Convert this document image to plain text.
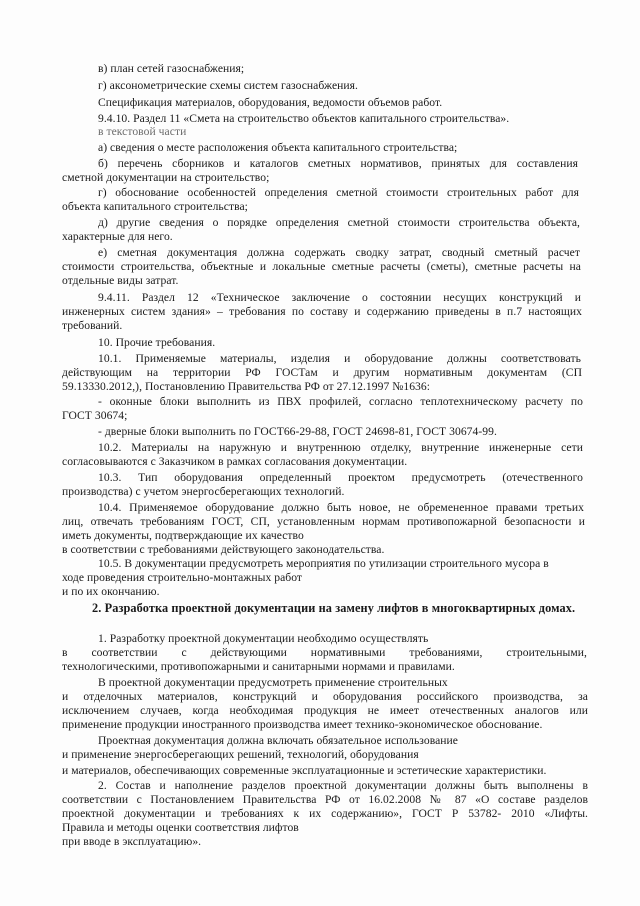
в) план сетей газоснабжения;
г) аксонометрические схемы систем газоснабжения.
Спецификация материалов, оборудования, ведомости объемов работ.
9.4.10. Раздел 11 «Смета на строительство объектов капитального строительства».
в текстовой части
а) сведения о месте расположения объекта капитального строительства;
б) перечень сборников и каталогов сметных нормативов, принятых для составления
сметной документации на строительство;
г) обоснование особенностей определения сметной стоимости строительных работ для
объекта капитального строительства;
д) другие сведения о порядке определения сметной стоимости строительства объекта,
характерные для него.
е) сметная документация должна содержать сводку затрат, сводный сметный расчет
стоимости строительства, объектные и локальные сметные расчеты (сметы), сметные расчеты на
отдельные виды затрат.
9.4.11. Раздел 12 «Техническое заключение о состоянии несущих конструкций и
инженерных систем здания» – требования по составу и содержанию приведены в п.7 настоящих
требований.
10. Прочие требования.
10.1. Применяемые материалы, изделия и оборудование должны соответствовать
действующим на территории РФ ГОСТам и другим нормативным документам (СП
59.13330.2012,), Постановлению Правительства РФ от 27.12.1997 №1636:
- оконные блоки выполнить из ПВХ профилей, согласно теплотехническому расчету по
ГОСТ 30674;
- дверные блоки выполнить по ГОСТ66-29-88, ГОСТ 24698-81, ГОСТ 30674-99.
10.2. Материалы на наружную и внутреннюю отделку, внутренние инженерные сети
согласовываются с Заказчиком в рамках согласования документации.
10.3. Тип оборудования определенный проектом предусмотреть (отечественного
производства) с учетом энергосберегающих технологий.
10.4. Применяемое оборудование должно быть новое, не обремененное правами третьих
лиц, отвечать требованиям ГОСТ, СП, установленным нормам противопожарной безопасности и
иметь документы, подтверждающие их качество
в соответствии с требованиями действующего законодательства.
10.5. В документации предусмотреть мероприятия по утилизации строительного мусора в
ходе проведения строительно-монтажных работ
и по их окончанию.
2. Разработка проектной документации на замену лифтов в многоквартирных домах.
1. Разработку проектной документации необходимо осуществлять
в соответствии с действующими нормативными требованиями, строительными,
технологическими, противопожарными и санитарными нормами и правилами.
В проектной документации предусмотреть применение строительных
и отделочных материалов, конструкций и оборудования российского производства, за
исключением случаев, когда необходимая продукция не имеет отечественных аналогов или
применение продукции иностранного производства имеет технико-экономическое обоснование.
Проектная документация должна включать обязательное использование
и применение энергосберегающих решений, технологий, оборудования
и материалов, обеспечивающих современные эксплуатационные и эстетические характеристики.
2. Состав и наполнение разделов проектной документации должны быть выполнены в
соответствии с Постановлением Правительства РФ от 16.02.2008 № 87 «О составе разделов
проектной документации и требованиях к их содержанию», ГОСТ Р 53782- 2010 «Лифты.
Правила и методы оценки соответствия лифтов
при вводе в эксплуатацию».
